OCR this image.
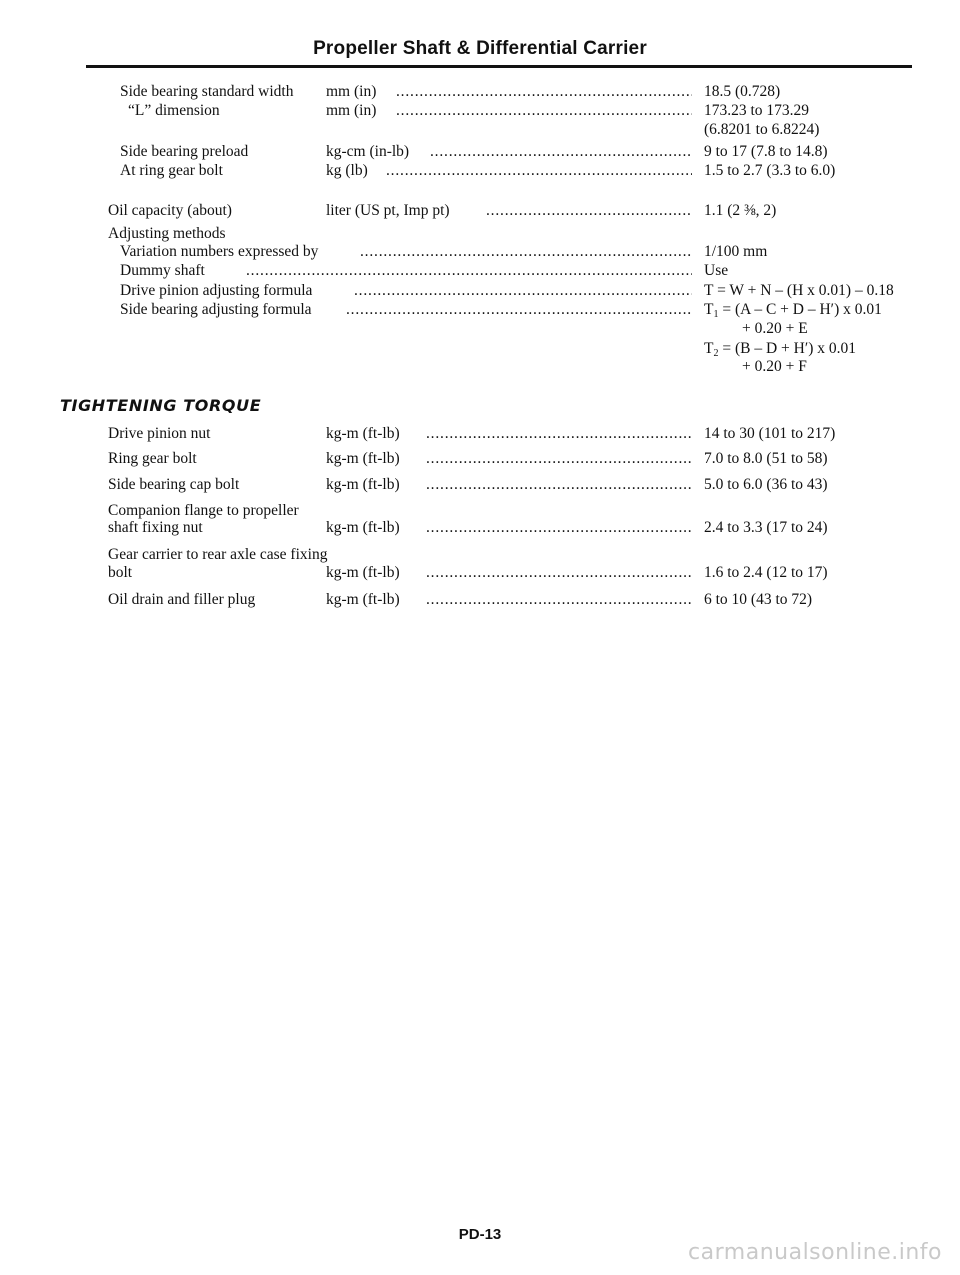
Propeller Shaft & Differential Carrier
Side bearing standard width mm (in) .....	18.5 (0.728)
“L” dimension	mm (in) .....	173.23 to 173.29
(6.8201 to 6.8224)
Side bearing preload	kg-cm (in-lb) .....	9 to 17 (7.8 to 14.8)
At ring gear bolt	kg (lb) .....	1.5 to 2.7 (3.3 to 6.0)
Oil capacity (about)	liter (US pt, Imp pt) .....	1.1 (2 ⅜, 2)
Adjusting methods
Variation numbers expressed by .....	1/100 mm
Dummy shaft .....	Use
Drive pinion adjusting formula .....	T = W + N – (H x 0.01) – 0.18
Side bearing adjusting formula .....	$T_1 = (A - C + D - H')$ x 0.01
+ 0.20 + E
$T_2 = (B - D + H')$ x 0.01
+ 0.20 + F
TIGHTENING TORQUE
Drive pinion nut	kg-m (ft-lb) .....	14 to 30 (101 to 217)
Ring gear bolt	kg-m (ft-lb) .....	7.0 to 8.0 (51 to 58)
Side bearing cap bolt	kg-m (ft-lb) .....	5.0 to 6.0 (36 to 43)
Companion flange to propeller
shaft fixing nut	kg-m (ft-lb) .....	2.4 to 3.3 (17 to 24)
Gear carrier to rear axle case fixing
bolt	kg-m (ft-lb) .....	1.6 to 2.4 (12 to 17)
Oil drain and filler plug	kg-m (ft-lb) .....	6 to 10 (43 to 72)
PD-13
carmanualsonline.info
